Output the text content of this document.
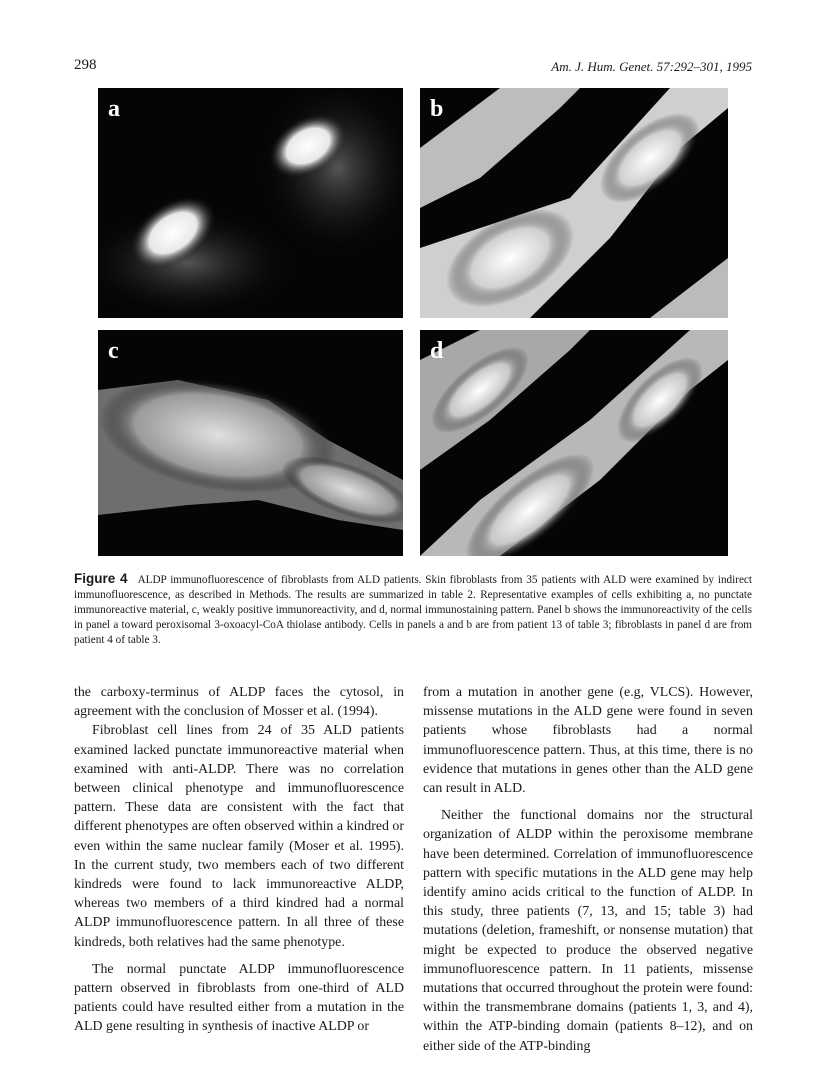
298	Am. J. Hum. Genet. 57:292–301, 1995
a	b
c	d
Figure 4 ALDP immunofluorescence of fibroblasts from ALD patients. Skin fibroblasts from 35 patients with ALD were examined by indirect immunofluorescence, as described in Methods. The results are summarized in table 2. Representative examples of cells exhibiting a, no punctate immunoreactive material, c, weakly positive immunoreactivity, and d, normal immunostaining pattern. Panel b shows the immunoreactivity of the cells in panel a toward peroxisomal 3-oxoacyl-CoA thiolase antibody. Cells in panels a and b are from patient 13 of table 3; fibroblasts in panel d are from patient 4 of table 3.

the carboxy-terminus of ALDP faces the cytosol, in agreement with the conclusion of Mosser et al. (1994).

Fibroblast cell lines from 24 of 35 ALD patients examined lacked punctate immunoreactive material when examined with anti-ALDP. There was no correlation between clinical phenotype and immunofluorescence pattern. These data are consistent with the fact that different phenotypes are often observed within a kindred or even within the same nuclear family (Moser et al. 1995). In the current study, two members each of two different kindreds were found to lack immunoreactive ALDP, whereas two members of a third kindred had a normal ALDP immunofluorescence pattern. In all three of these kindreds, both relatives had the same phenotype.

The normal punctate ALDP immunofluorescence pattern observed in fibroblasts from one-third of ALD patients could have resulted either from a mutation in the ALD gene resulting in synthesis of inactive ALDP or

from a mutation in another gene (e.g, VLCS). However, missense mutations in the ALD gene were found in seven patients whose fibroblasts had a normal immunofluorescence pattern. Thus, at this time, there is no evidence that mutations in genes other than the ALD gene can result in ALD.

Neither the functional domains nor the structural organization of ALDP within the peroxisome membrane have been determined. Correlation of immunofluorescence pattern with specific mutations in the ALD gene may help identify amino acids critical to the function of ALDP. In this study, three patients (7, 13, and 15; table 3) had mutations (deletion, frameshift, or nonsense mutation) that might be expected to produce the observed negative immunofluorescence pattern. In 11 patients, missense mutations that occurred throughout the protein were found: within the transmembrane domains (patients 1, 3, and 4), within the ATP-binding domain (patients 8–12), and on either side of the ATP-binding
